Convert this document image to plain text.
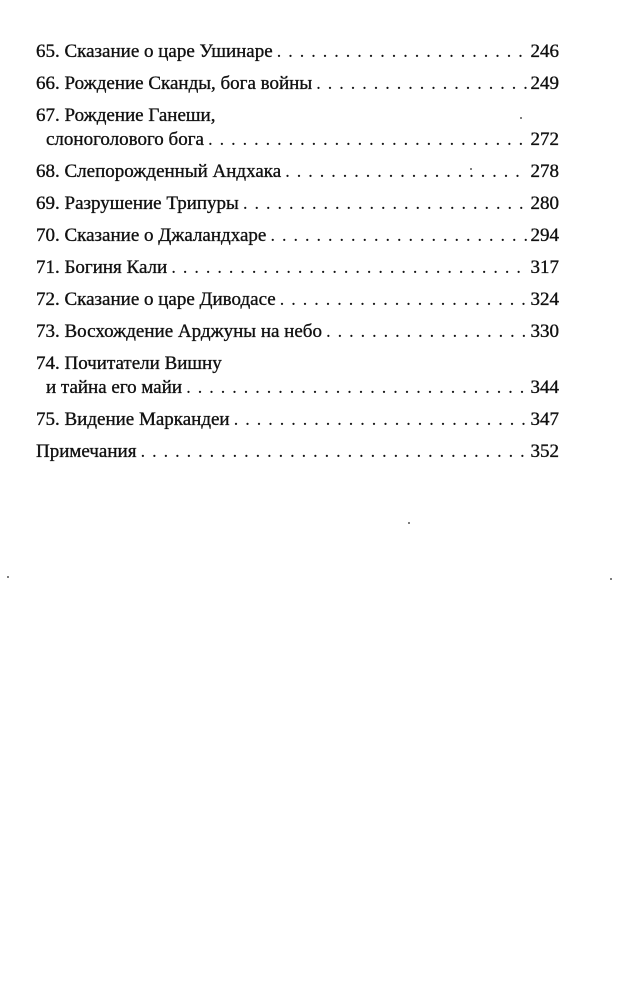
65. Сказание о царе Ушинаре . . .	246
66. Рождение Сканды, бога войны . . .	249
67. Рождение Ганеши,
слоноголового бога . . .	272
68. Слепорожденный Андхака . . .	278
69. Разрушение Трипуры . . .	280
70. Сказание о Джаландхаре . . .	294
71. Богиня Кали . . .	317
72. Сказание о царе Диводасе . . .	324
73. Восхождение Арджуны на небо . . .	330
74. Почитатели Вишну
и тайна его майи . . .	344
75. Видение Маркандеи . . .	347
Примечания . . .	352
